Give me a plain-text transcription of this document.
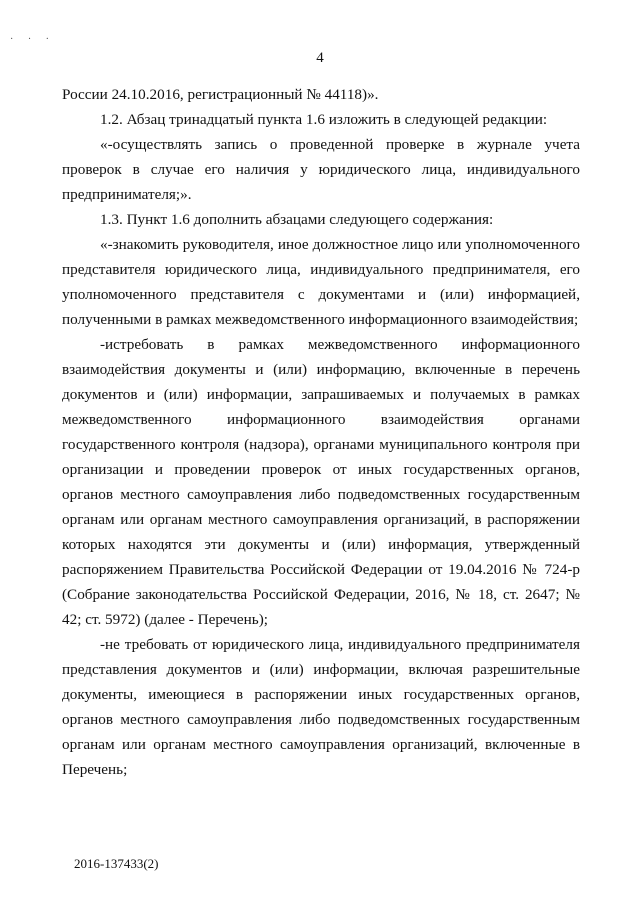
· · ·
4

России 24.10.2016, регистрационный № 44118)».

1.2. Абзац тринадцатый пункта 1.6 изложить в следующей редакции:

«-осуществлять запись о проведенной проверке в журнале учета проверок в случае его наличия у юридического лица, индивидуального предпринимателя;».

1.3. Пункт 1.6 дополнить абзацами следующего содержания:

«-знакомить руководителя, иное должностное лицо или уполномоченного представителя юридического лица, индивидуального предпринимателя, его уполномоченного представителя с документами и (или) информацией, полученными в рамках межведомственного информационного взаимодействия;

-истребовать в рамках межведомственного информационного взаимодействия документы и (или) информацию, включенные в перечень документов и (или) информации, запрашиваемых и получаемых в рамках межведомственного информационного взаимодействия органами государственного контроля (надзора), органами муниципального контроля при организации и проведении проверок от иных государственных органов, органов местного самоуправления либо подведомственных государственным органам или органам местного самоуправления организаций, в распоряжении которых находятся эти документы и (или) информация, утвержденный распоряжением Правительства Российской Федерации от 19.04.2016 № 724-р (Собрание законодательства Российской Федерации, 2016, № 18, ст. 2647; № 42; ст. 5972) (далее - Перечень);

-не требовать от юридического лица, индивидуального предпринимателя представления документов и (или) информации, включая разрешительные документы, имеющиеся в распоряжении иных государственных органов, органов местного самоуправления либо подведомственных государственным органам или органам местного самоуправления организаций, включенные в Перечень;

2016-137433(2)
